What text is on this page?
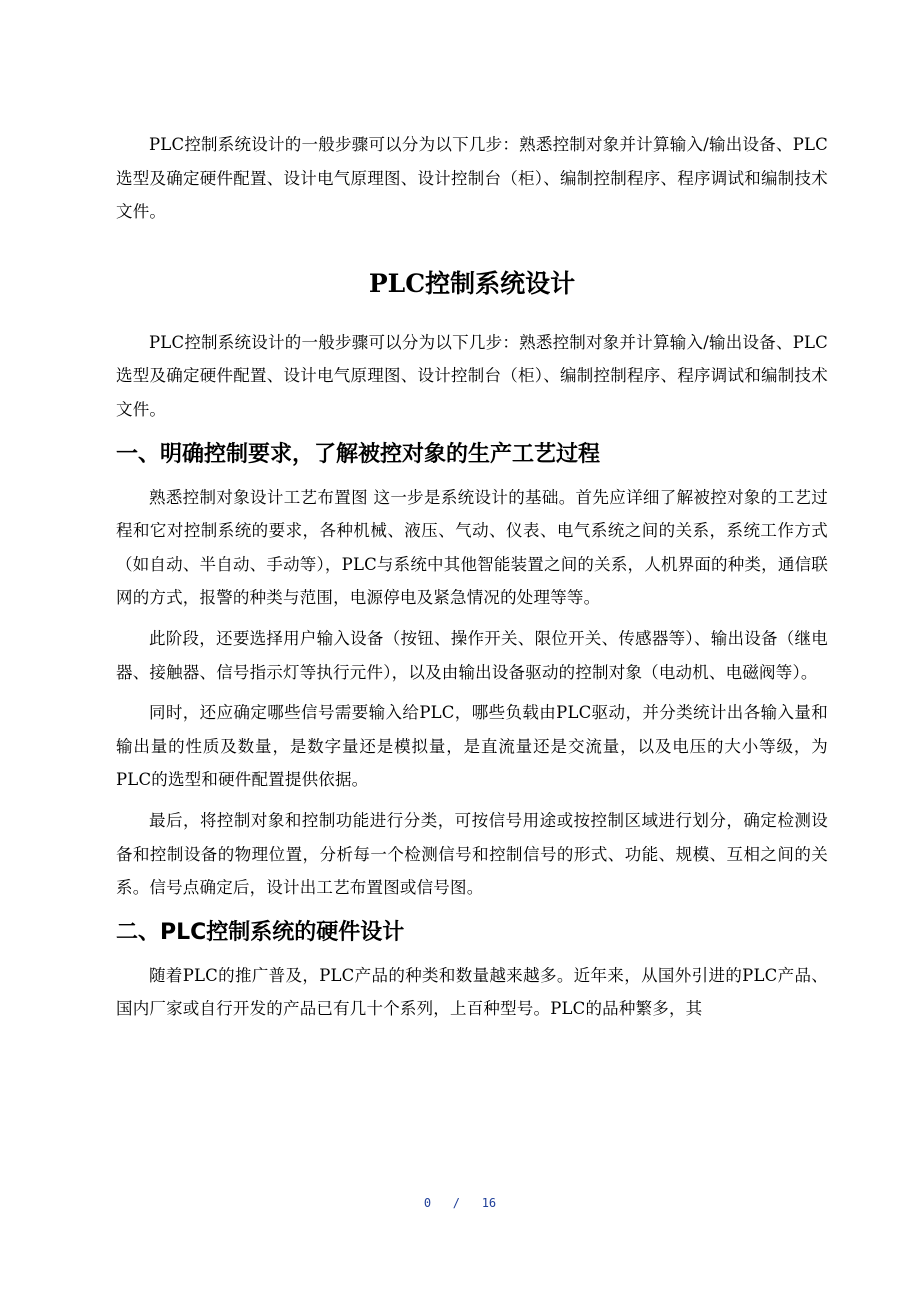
PLC控制系统设计的一般步骤可以分为以下几步：熟悉控制对象并计算输入/输出设备、PLC选型及确定硬件配置、设计电气原理图、设计控制台（柜）、编制控制程序、程序调试和编制技术文件。

PLC控制系统设计

PLC控制系统设计的一般步骤可以分为以下几步：熟悉控制对象并计算输入/输出设备、PLC选型及确定硬件配置、设计电气原理图、设计控制台（柜）、编制控制程序、程序调试和编制技术文件。

一、明确控制要求，了解被控对象的生产工艺过程

熟悉控制对象设计工艺布置图 这一步是系统设计的基础。首先应详细了解被控对象的工艺过程和它对控制系统的要求，各种机械、液压、气动、仪表、电气系统之间的关系，系统工作方式（如自动、半自动、手动等），PLC与系统中其他智能装置之间的关系，人机界面的种类，通信联网的方式，报警的种类与范围，电源停电及紧急情况的处理等等。

此阶段，还要选择用户输入设备（按钮、操作开关、限位开关、传感器等）、输出设备（继电器、接触器、信号指示灯等执行元件），以及由输出设备驱动的控制对象（电动机、电磁阀等）。

同时，还应确定哪些信号需要输入给PLC，哪些负载由PLC驱动，并分类统计出各输入量和输出量的性质及数量，是数字量还是模拟量，是直流量还是交流量，以及电压的大小等级，为PLC的选型和硬件配置提供依据。

最后，将控制对象和控制功能进行分类，可按信号用途或按控制区域进行划分，确定检测设备和控制设备的物理位置，分析每一个检测信号和控制信号的形式、功能、规模、互相之间的关系。信号点确定后，设计出工艺布置图或信号图。

二、PLC控制系统的硬件设计

随着PLC的推广普及，PLC产品的种类和数量越来越多。近年来，从国外引进的PLC产品、国内厂家或自行开发的产品已有几十个系列，上百种型号。PLC的品种繁多，其

0 / 16
